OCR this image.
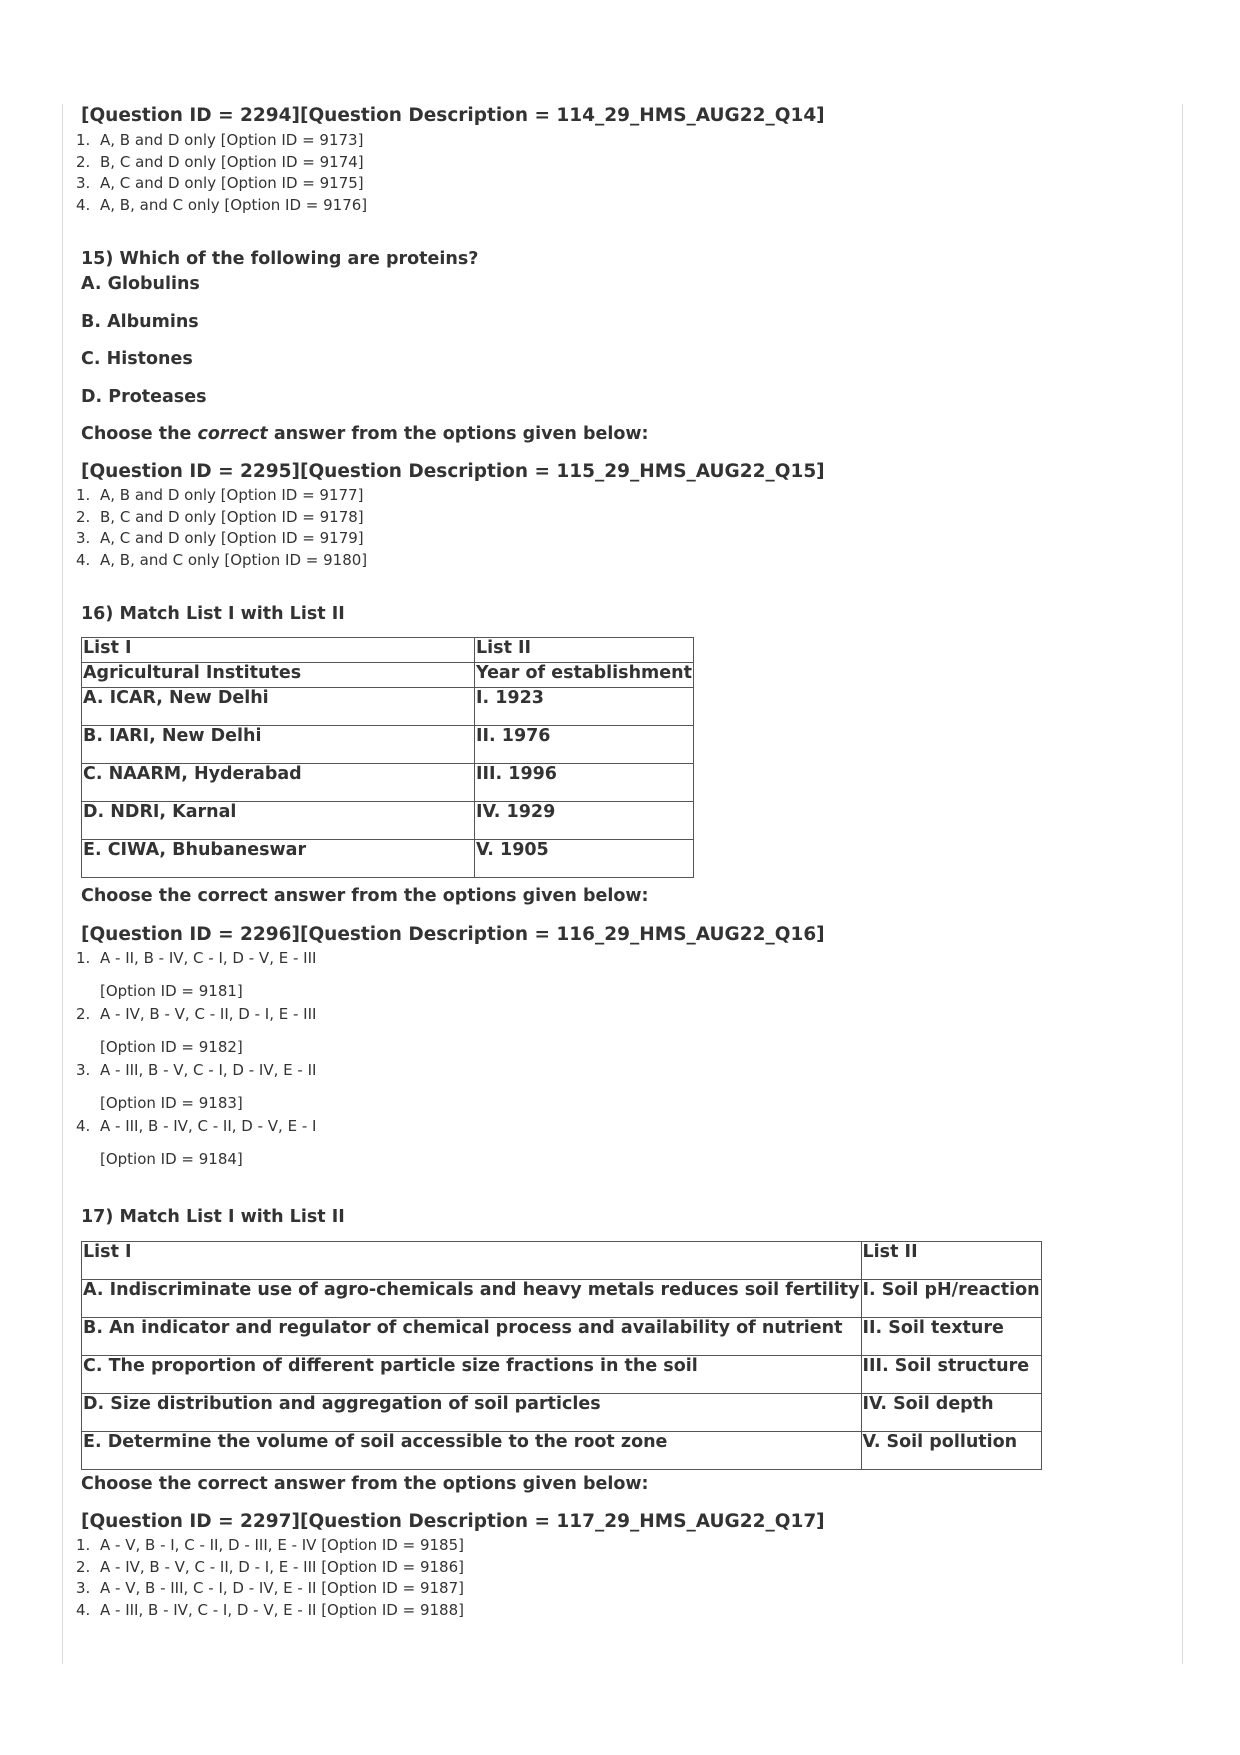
[Question ID = 2294][Question Description = 114_29_HMS_AUG22_Q14]
1. A, B and D only [Option ID = 9173]
2. B, C and D only [Option ID = 9174]
3. A, C and D only [Option ID = 9175]
4. A, B, and C only [Option ID = 9176]
15) Which of the following are proteins?
A. Globulins
B. Albumins
C. Histones
D. Proteases
Choose the correct answer from the options given below:
[Question ID = 2295][Question Description = 115_29_HMS_AUG22_Q15]
1. A, B and D only [Option ID = 9177]
2. B, C and D only [Option ID = 9178]
3. A, C and D only [Option ID = 9179]
4. A, B, and C only [Option ID = 9180]
16) Match List I with List II
List I	List II
Agricultural Institutes	Year of establishment
A. ICAR, New Delhi	I. 1923
B. IARI, New Delhi	II. 1976
C. NAARM, Hyderabad	III. 1996
D. NDRI, Karnal	IV. 1929
E. CIWA, Bhubaneswar	V. 1905
Choose the correct answer from the options given below:
[Question ID = 2296][Question Description = 116_29_HMS_AUG22_Q16]
1. A - II, B - IV, C - I, D - V, E - III
[Option ID = 9181]
2. A - IV, B - V, C - II, D - I, E - III
[Option ID = 9182]
3. A - III, B - V, C - I, D - IV, E - II
[Option ID = 9183]
4. A - III, B - IV, C - II, D - V, E - I
[Option ID = 9184]
17) Match List I with List II
List I	List II
A. Indiscriminate use of agro-chemicals and heavy metals reduces soil fertility	I. Soil pH/reaction
B. An indicator and regulator of chemical process and availability of nutrient	II. Soil texture
C. The proportion of different particle size fractions in the soil	III. Soil structure
D. Size distribution and aggregation of soil particles	IV. Soil depth
E. Determine the volume of soil accessible to the root zone	V. Soil pollution
Choose the correct answer from the options given below:
[Question ID = 2297][Question Description = 117_29_HMS_AUG22_Q17]
1. A - V, B - I, C - II, D - III, E - IV [Option ID = 9185]
2. A - IV, B - V, C - II, D - I, E - III [Option ID = 9186]
3. A - V, B - III, C - I, D - IV, E - II [Option ID = 9187]
4. A - III, B - IV, C - I, D - V, E - II [Option ID = 9188]
